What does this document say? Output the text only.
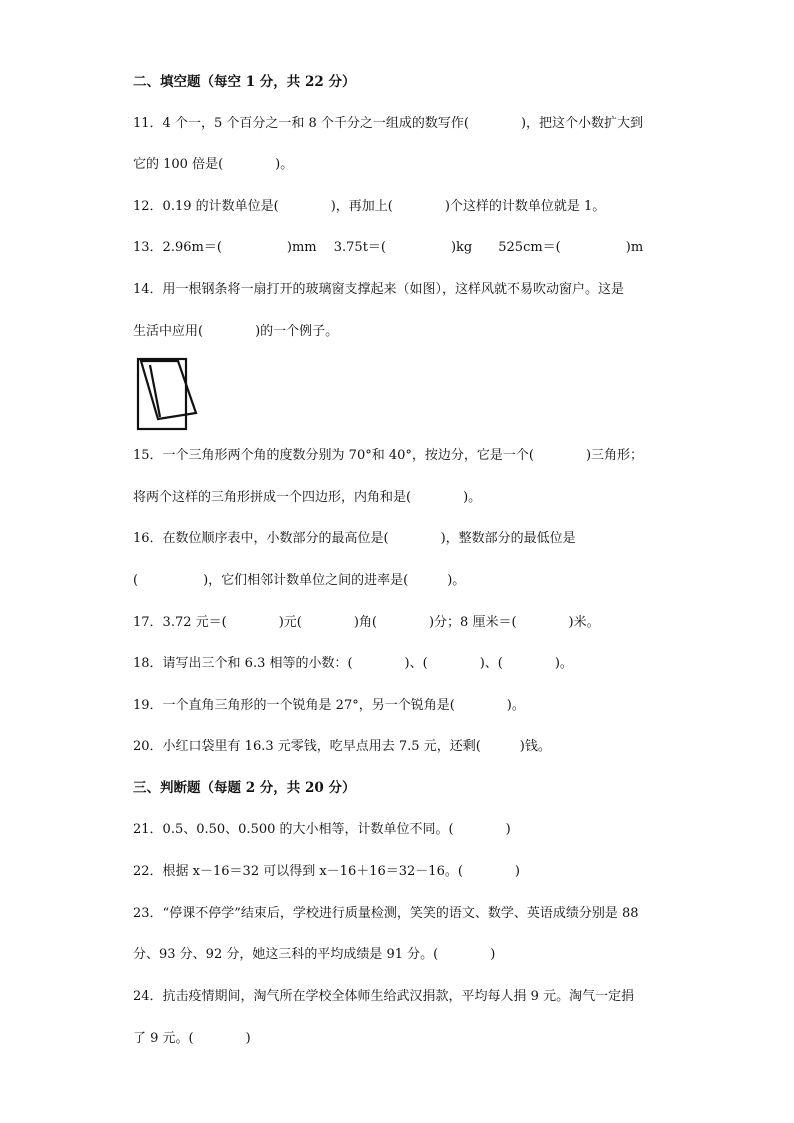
二、填空题（每空 1 分，共 22 分）
11．4 个一，5 个百分之一和 8 个千分之一组成的数写作(　　　　)，把这个小数扩大到
它的 100 倍是(　　　　)。
12．0.19 的计数单位是(　　　　)，再加上(　　　　)个这样的计数单位就是 1。
13．2.96m＝(　　　　　)mm　 3.75t＝(　　　　　)kg　　525cm＝(　　　　　)m
14．用一根钢条将一扇打开的玻璃窗支撑起来（如图），这样风就不易吹动窗户。这是
生活中应用(　　　　)的一个例子。
15．一个三角形两个角的度数分别为 70°和 40°，按边分，它是一个(　　　　)三角形；
将两个这样的三角形拼成一个四边形，内角和是(　　　　)。
16．在数位顺序表中，小数部分的最高位是(　　　　)，整数部分的最低位是
(　　　　　)，它们相邻计数单位之间的进率是(　　　)。
17．3.72 元＝(　　　　)元(　　　　)角(　　　　)分；8 厘米＝(　　　　)米。
18．请写出三个和 6.3 相等的小数：(　　　　)、(　　　　)、(　　　　)。
19．一个直角三角形的一个锐角是 27°，另一个锐角是(　　　　)。
20．小红口袋里有 16.3 元零钱，吃早点用去 7.5 元，还剩(　　　)钱。
三、判断题（每题 2 分，共 20 分）
21．0.5、0.50、0.500 的大小相等，计数单位不同。(　　　　)
22．根据 x－16＝32 可以得到 x－16＋16＝32－16。(　　　　)
23．“停课不停学”结束后，学校进行质量检测，笑笑的语文、数学、英语成绩分别是 88
分、93 分、92 分，她这三科的平均成绩是 91 分。(　　　　)
24．抗击疫情期间，淘气所在学校全体师生给武汉捐款，平均每人捐 9 元。淘气一定捐
了 9 元。(　　　　)
